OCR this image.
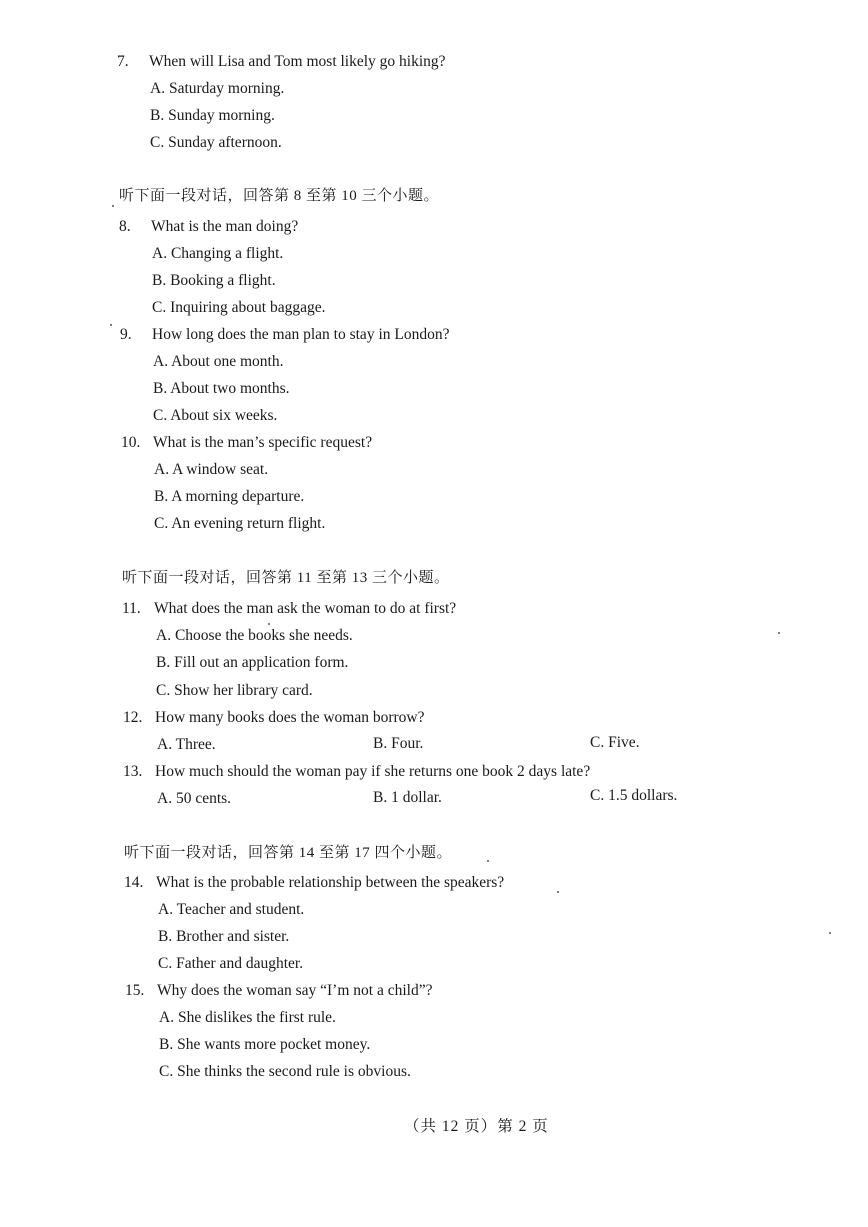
7. When will Lisa and Tom most likely go hiking?
A. Saturday morning.
B. Sunday morning.
C. Sunday afternoon.
听下面一段对话，回答第 8 至第 10 三个小题。
8. What is the man doing?
A. Changing a flight.
B. Booking a flight.
C. Inquiring about baggage.
9. How long does the man plan to stay in London?
A. About one month.
B. About two months.
C. About six weeks.
10. What is the man’s specific request?
A. A window seat.
B. A morning departure.
C. An evening return flight.
听下面一段对话，回答第 11 至第 13 三个小题。
11. What does the man ask the woman to do at first?
A. Choose the books she needs.
B. Fill out an application form.
C. Show her library card.
12. How many books does the woman borrow?
A. Three.	B. Four.	C. Five.
13. How much should the woman pay if she returns one book 2 days late?
A. 50 cents.	B. 1 dollar.	C. 1.5 dollars.
听下面一段对话，回答第 14 至第 17 四个小题。
14. What is the probable relationship between the speakers?
A. Teacher and student.
B. Brother and sister.
C. Father and daughter.
15. Why does the woman say “I’m not a child”?
A. She dislikes the first rule.
B. She wants more pocket money.
C. She thinks the second rule is obvious.
（共 12 页）第 2 页
